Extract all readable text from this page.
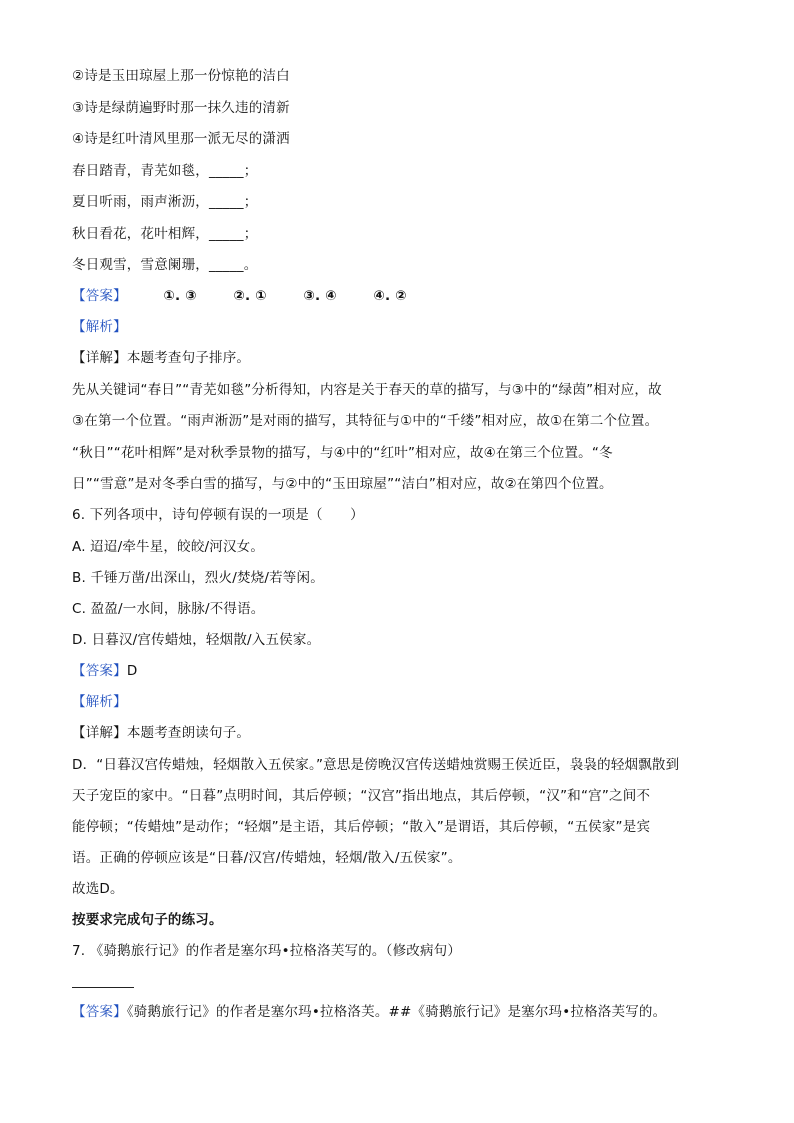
②诗是玉田琼屋上那一份惊艳的洁白
③诗是绿荫遍野时那一抹久违的清新
④诗是红叶清风里那一派无尽的潇洒
春日踏青，青芜如毯，_____；
夏日听雨，雨声淅沥，_____；
秋日看花，花叶相辉，_____；
冬日观雪，雪意阑珊，_____。
【答案】	①. ③	②. ①	③. ④	④. ②
【解析】
【详解】本题考查句子排序。
先从关键词“春日”“青芜如毯”分析得知，内容是关于春天的草的描写，与③中的“绿茵”相对应，故
③在第一个位置。“雨声淅沥”是对雨的描写，其特征与①中的“千缕”相对应，故①在第二个位置。
“秋日”“花叶相辉”是对秋季景物的描写，与④中的“红叶”相对应，故④在第三个位置。“冬
日”“雪意”是对冬季白雪的描写，与②中的“玉田琼屋”“洁白”相对应，故②在第四个位置。
6. 下列各项中，诗句停顿有误的一项是（　　）
A. 迢迢/牵牛星，皎皎/河汉女。
B. 千锤万凿/出深山，烈火/焚烧/若等闲。
C. 盈盈/一水间，脉脉/不得语。
D. 日暮汉/宫传蜡烛，轻烟散/入五侯家。
【答案】D
【解析】
【详解】本题考查朗读句子。
D．“日暮汉宫传蜡烛，轻烟散入五侯家。”意思是傍晚汉宫传送蜡烛赏赐王侯近臣，袅袅的轻烟飘散到
天子宠臣的家中。“日暮”点明时间，其后停顿；“汉宫”指出地点，其后停顿，“汉”和“宫”之间不
能停顿；“传蜡烛”是动作；“轻烟”是主语，其后停顿；“散入”是谓语，其后停顿，“五侯家”是宾
语。正确的停顿应该是“日暮/汉宫/传蜡烛，轻烟/散入/五侯家”。
故选D。
按要求完成句子的练习。
7. 《骑鹅旅行记》的作者是塞尔玛•拉格洛芙写的。（修改病句）
【答案】《骑鹅旅行记》的作者是塞尔玛•拉格洛芙。##《骑鹅旅行记》是塞尔玛•拉格洛芙写的。
